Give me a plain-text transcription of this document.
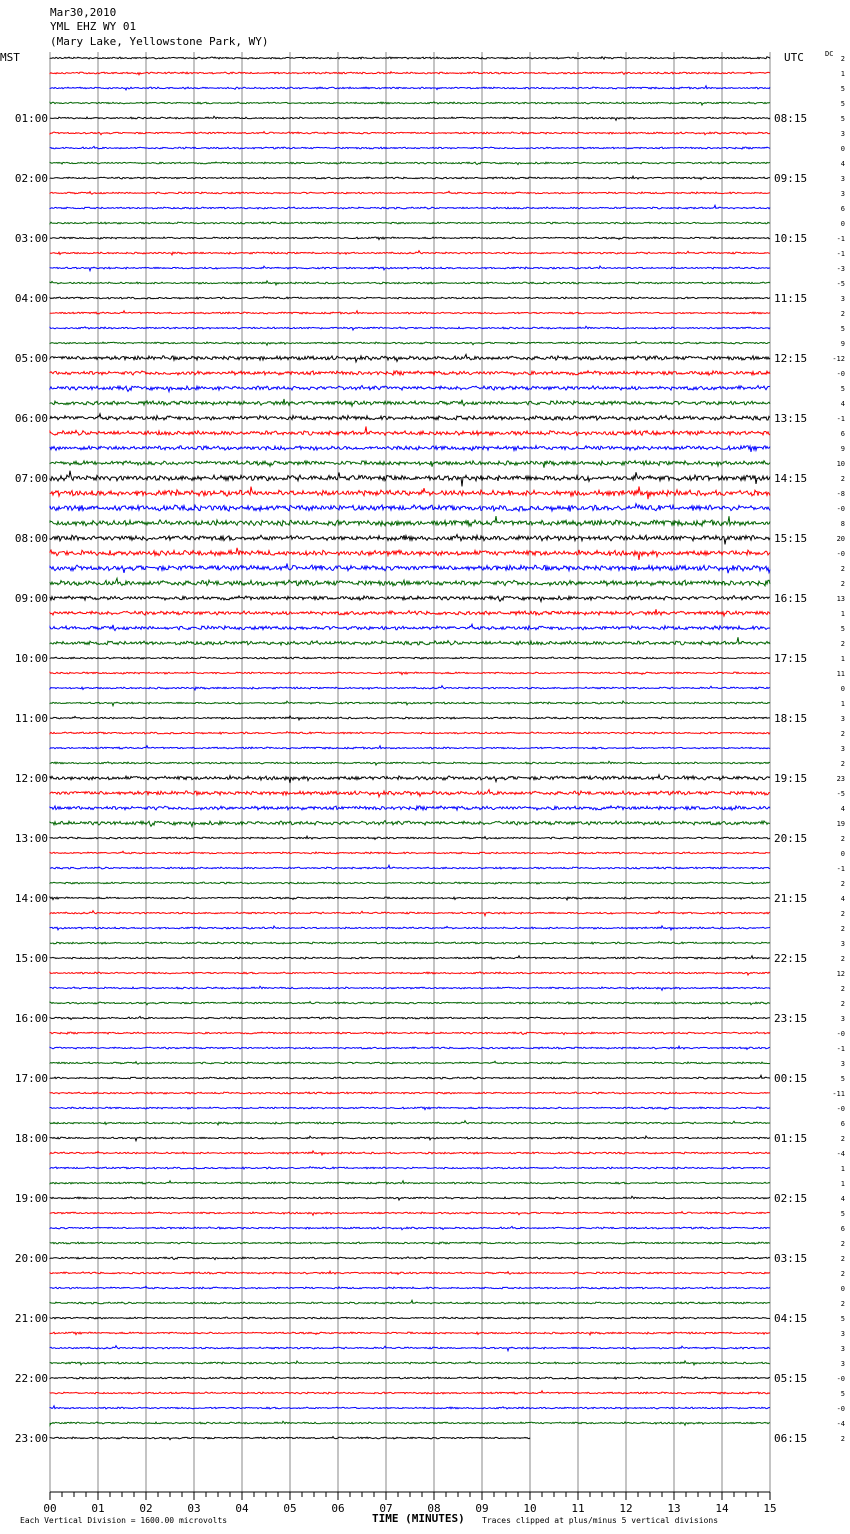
Mar30,2010
YML EHZ WY 01
(Mary Lake, Yellowstone Park, WY)
MST	UTC	DC
01:00
02:00
03:00
04:00
05:00
06:00
07:00
08:00
09:00
10:00
11:00
12:00
13:00
14:00
15:00
16:00
17:00
18:00
19:00
20:00
21:00
22:00
23:00
08:15
09:15
10:15
11:15
12:15
13:15
14:15
15:15
16:15
17:15
18:15
19:15
20:15
21:15
22:15
23:15
00:15
01:15
02:15
03:15
04:15
05:15
06:15
2
1
5
5
5
3
0
4
3
3
6
0
-1
-1
-3
-5
3
2
5
9
-12
-0
5
4
-1
6
9
10
2
-8
-0
8
20
-0
2
2
13
1
5
2
1
11
0
1
3
2
3
2
23
-5
4
19
2
0
-1
2
4
2
2
3
2
12
2
2
3
-0
-1
3
5
-11
-0
6
2
-4
1
1
4
5
6
2
2
2
0
2
5
3
3
3
-0
5
-0
-4
2
00	01	02	03	04	05	06	07	08	09	10	11	12	13	14	15
TIME (MINUTES)
Each Vertical Division = 1600.00 microvolts	Traces clipped at plus/minus 5 vertical divisions
